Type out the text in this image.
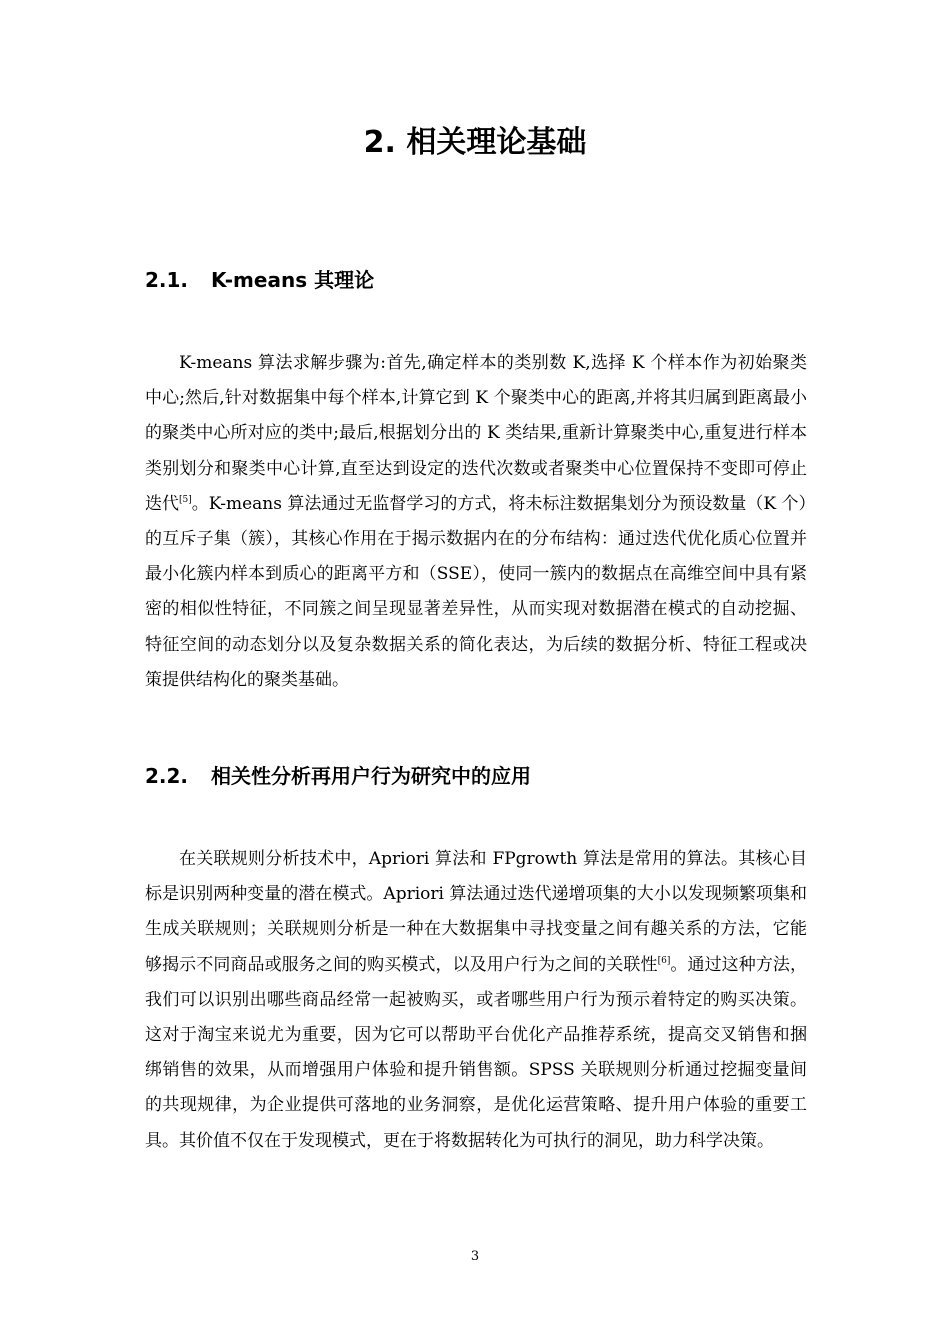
2. 相关理论基础
2.1. K-means 其理论

K-means 算法求解步骤为:首先,确定样本的类别数 K,选择 K 个样本作为初始聚类中心;然后,针对数据集中每个样本,计算它到 K 个聚类中心的距离,并将其归属到距离最小的聚类中心所对应的类中;最后,根据划分出的 K 类结果,重新计算聚类中心,重复进行样本类别划分和聚类中心计算,直至达到设定的迭代次数或者聚类中心位置保持不变即可停止迭代[5]。K-means 算法通过无监督学习的方式，将未标注数据集划分为预设数量（K 个）的互斥子集（簇），其核心作用在于揭示数据内在的分布结构：通过迭代优化质心位置并最小化簇内样本到质心的距离平方和（SSE），使同一簇内的数据点在高维空间中具有紧密的相似性特征，不同簇之间呈现显著差异性，从而实现对数据潜在模式的自动挖掘、特征空间的动态划分以及复杂数据关系的简化表达，为后续的数据分析、特征工程或决策提供结构化的聚类基础。

2.2. 相关性分析再用户行为研究中的应用

在关联规则分析技术中，Apriori 算法和 FPgrowth 算法是常用的算法。其核心目标是识别两种变量的潜在模式。Apriori 算法通过迭代递增项集的大小以发现频繁项集和生成关联规则；关联规则分析是一种在大数据集中寻找变量之间有趣关系的方法，它能够揭示不同商品或服务之间的购买模式，以及用户行为之间的关联性[6]。通过这种方法，我们可以识别出哪些商品经常一起被购买，或者哪些用户行为预示着特定的购买决策。这对于淘宝来说尤为重要，因为它可以帮助平台优化产品推荐系统，提高交叉销售和捆绑销售的效果，从而增强用户体验和提升销售额。SPSS 关联规则分析通过挖掘变量间的共现规律，为企业提供可落地的业务洞察，是优化运营策略、提升用户体验的重要工具。其价值不仅在于发现模式，更在于将数据转化为可执行的洞见，助力科学决策。

3
